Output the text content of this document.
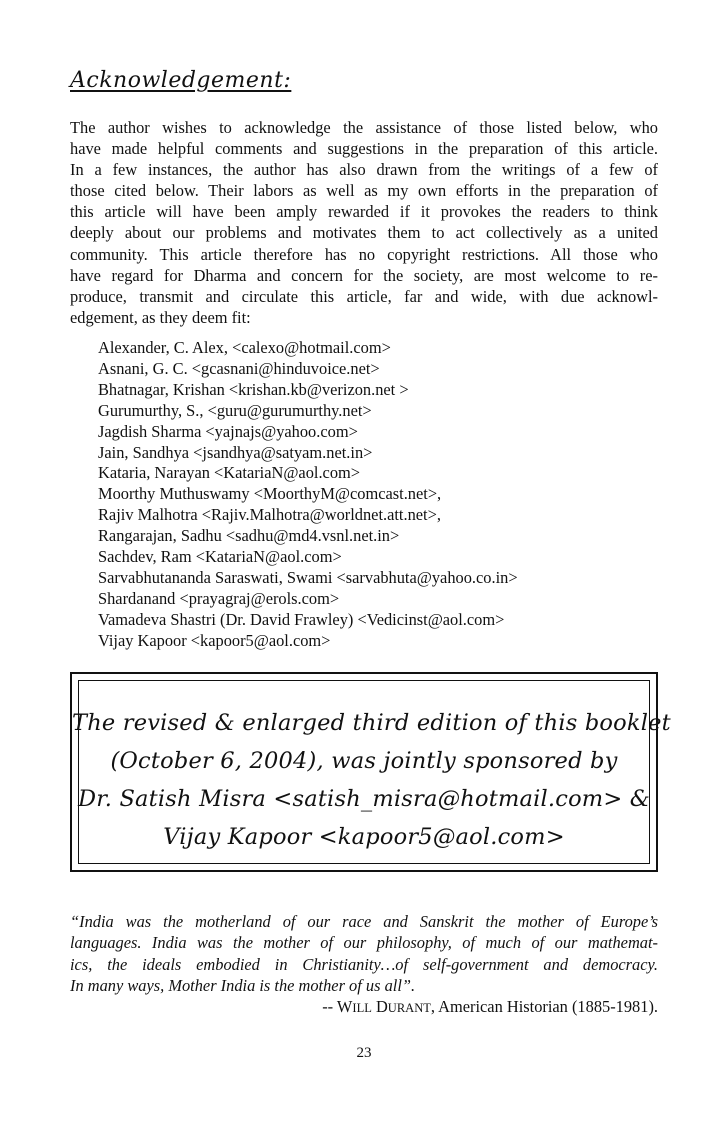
Acknowledgement:
The author wishes to acknowledge the assistance of those listed below, who
have made helpful comments and suggestions in the preparation of this article.
In a few instances, the author has also drawn from the writings of a few of
those cited below. Their labors as well as my own efforts in the preparation of
this article will have been amply rewarded if it provokes the readers to think
deeply about our problems and motivates them to act collectively as a united
community. This article therefore has no copyright restrictions. All those who
have regard for Dharma and concern for the society, are most welcome to re-
produce, transmit and circulate this article, far and wide, with due acknowl-
edgement, as they deem fit:
Alexander, C. Alex, <calexo@hotmail.com>
Asnani, G. C. <gcasnani@hinduvoice.net>
Bhatnagar, Krishan <krishan.kb@verizon.net >
Gurumurthy, S., <guru@gurumurthy.net>
Jagdish Sharma <yajnajs@yahoo.com>
Jain, Sandhya <jsandhya@satyam.net.in>
Kataria, Narayan <KatariaN@aol.com>
Moorthy Muthuswamy <MoorthyM@comcast.net>,
Rajiv Malhotra <Rajiv.Malhotra@worldnet.att.net>,
Rangarajan, Sadhu <sadhu@md4.vsnl.net.in>
Sachdev, Ram <KatariaN@aol.com>
Sarvabhutananda Saraswati, Swami <sarvabhuta@yahoo.co.in>
Shardanand <prayagraj@erols.com>
Vamadeva Shastri (Dr. David Frawley) <Vedicinst@aol.com>
Vijay Kapoor <kapoor5@aol.com>
The revised & enlarged third edition of this booklet
(October 6, 2004), was jointly sponsored by
Dr. Satish Misra <satish_misra@hotmail.com> &
Vijay Kapoor <kapoor5@aol.com>
“India was the motherland of our race and Sanskrit the mother of Europe’s
languages. India was the mother of our philosophy, of much of our mathemat-
ics, the ideals embodied in Christianity…of self-government and democracy.
In many ways, Mother India is the mother of us all”.
-- WILL DURANT, American Historian (1885-1981).
23
